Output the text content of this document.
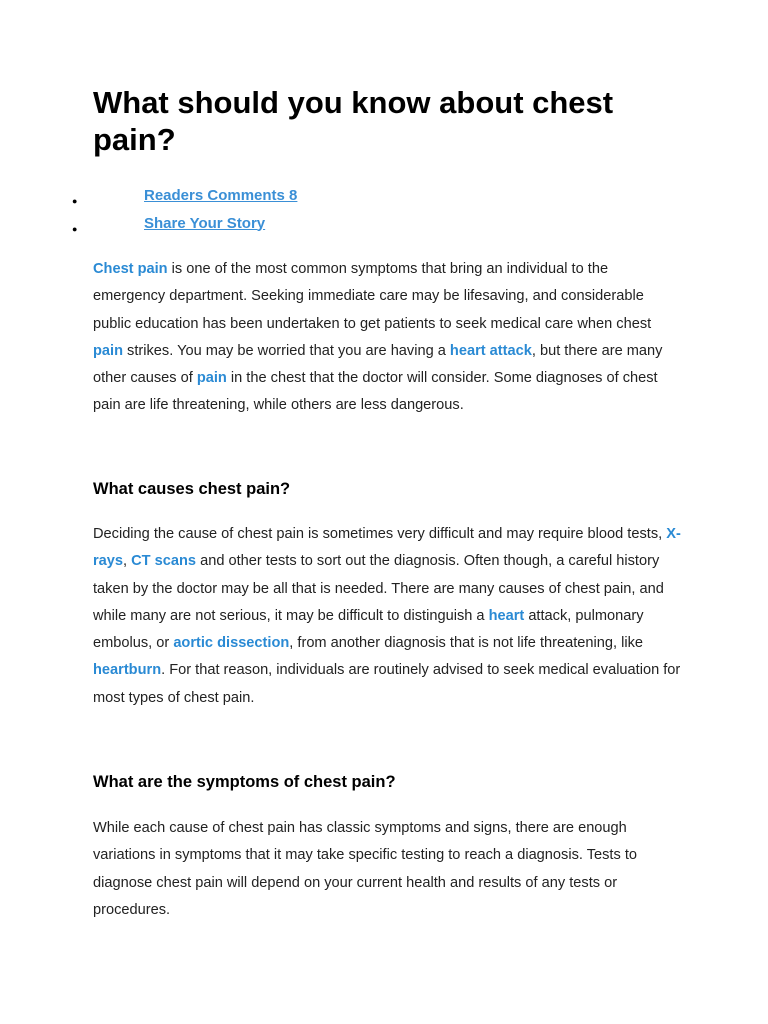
What should you know about chest pain?
●	Readers Comments 8
●	Share Your Story

Chest pain is one of the most common symptoms that bring an individual to the emergency department. Seeking immediate care may be lifesaving, and considerable public education has been undertaken to get patients to seek medical care when chest pain strikes. You may be worried that you are having a heart attack, but there are many other causes of pain in the chest that the doctor will consider. Some diagnoses of chest pain are life threatening, while others are less dangerous.

What causes chest pain?

Deciding the cause of chest pain is sometimes very difficult and may require blood tests, X-rays, CT scans and other tests to sort out the diagnosis. Often though, a careful history taken by the doctor may be all that is needed. There are many causes of chest pain, and while many are not serious, it may be difficult to distinguish a heart attack, pulmonary embolus, or aortic dissection, from another diagnosis that is not life threatening, like heartburn. For that reason, individuals are routinely advised to seek medical evaluation for most types of chest pain.

What are the symptoms of chest pain?

While each cause of chest pain has classic symptoms and signs, there are enough variations in symptoms that it may take specific testing to reach a diagnosis. Tests to diagnose chest pain will depend on your current health and results of any tests or procedures.
